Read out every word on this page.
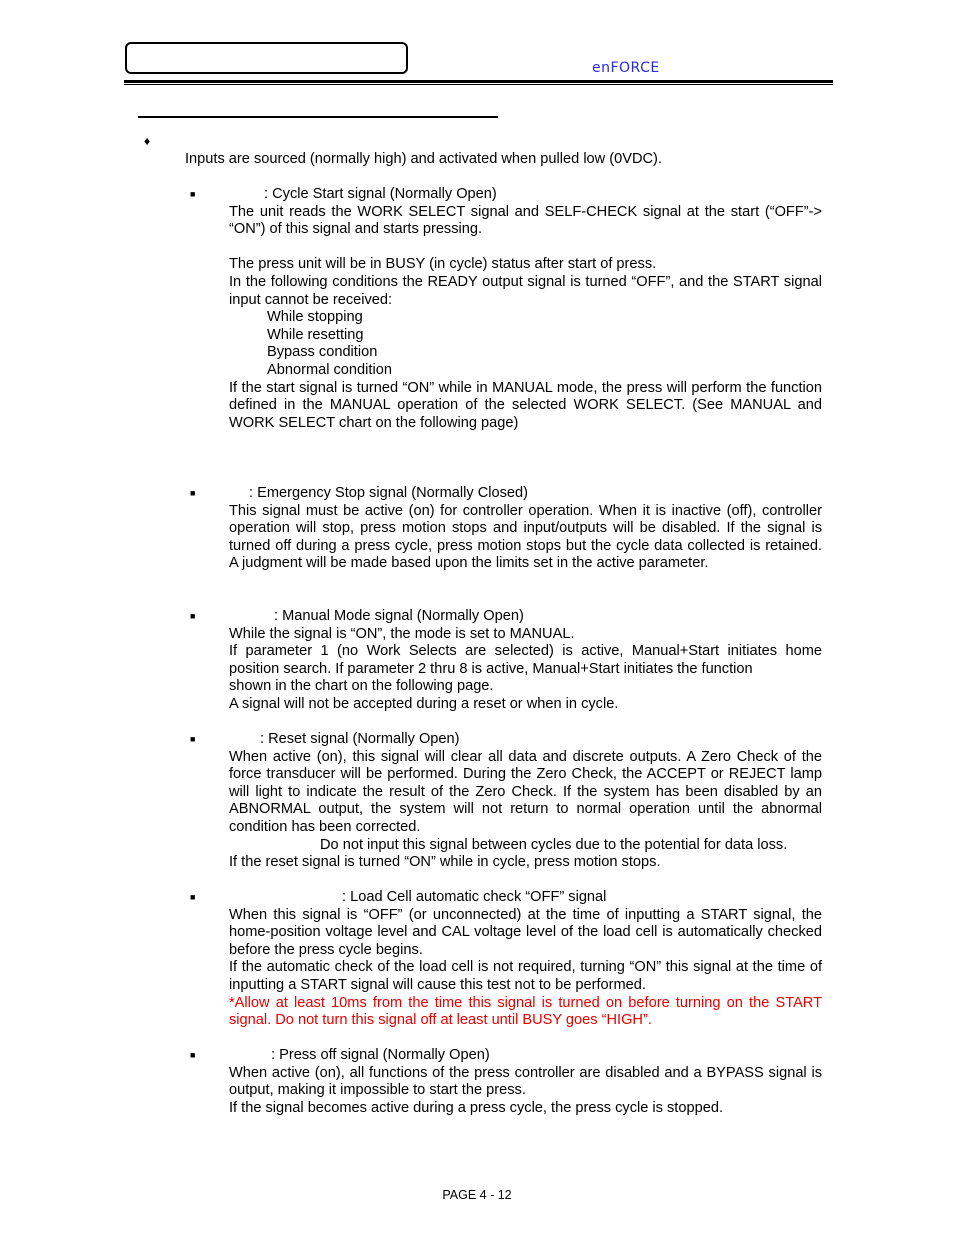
enFORCE
♦
Inputs are sourced (normally high) and activated when pulled low (0VDC).
■	: Cycle Start signal (Normally Open)

The unit reads the WORK SELECT signal and SELF-CHECK signal at the start (“OFF”-> “ON”) of this signal and starts pressing.

The press unit will be in BUSY (in cycle) status after start of press.

In the following conditions the READY output signal is turned “OFF”, and the START signal input cannot be received:

While stopping

While resetting

Bypass condition

Abnormal condition

If the start signal is turned “ON” while in MANUAL mode, the press will perform the function defined in the MANUAL operation of the selected WORK SELECT. (See MANUAL and WORK SELECT chart on the following page)

■	: Emergency Stop signal (Normally Closed)

This signal must be active (on) for controller operation. When it is inactive (off), controller operation will stop, press motion stops and input/outputs will be disabled. If the signal is turned off during a press cycle, press motion stops but the cycle data collected is retained. A judgment will be made based upon the limits set in the active parameter.

■	: Manual Mode signal (Normally Open)

While the signal is “ON”, the mode is set to MANUAL.

If parameter 1 (no Work Selects are selected) is active, Manual+Start initiates home position search. If parameter 2 thru 8 is active, Manual+Start initiates the function

shown in the chart on the following page.

A signal will not be accepted during a reset or when in cycle.

■	: Reset signal (Normally Open)

When active (on), this signal will clear all data and discrete outputs. A Zero Check of the force transducer will be performed. During the Zero Check, the ACCEPT or REJECT lamp will light to indicate the result of the Zero Check. If the system has been disabled by an ABNORMAL output, the system will not return to normal operation until the abnormal condition has been corrected.

Do not input this signal between cycles due to the potential for data loss.

If the reset signal is turned “ON” while in cycle, press motion stops.

■	: Load Cell automatic check “OFF” signal

When this signal is “OFF” (or unconnected) at the time of inputting a START signal, the home-position voltage level and CAL voltage level of the load cell is automatically checked before the press cycle begins.

If the automatic check of the load cell is not required, turning “ON” this signal at the time of inputting a START signal will cause this test not to be performed.

*Allow at least 10ms from the time this signal is turned on before turning on the START signal. Do not turn this signal off at least until BUSY goes “HIGH”.

■	: Press off signal (Normally Open)

When active (on), all functions of the press controller are disabled and a BYPASS signal is output, making it impossible to start the press.

If the signal becomes active during a press cycle, the press cycle is stopped.

PAGE 4 - 12
